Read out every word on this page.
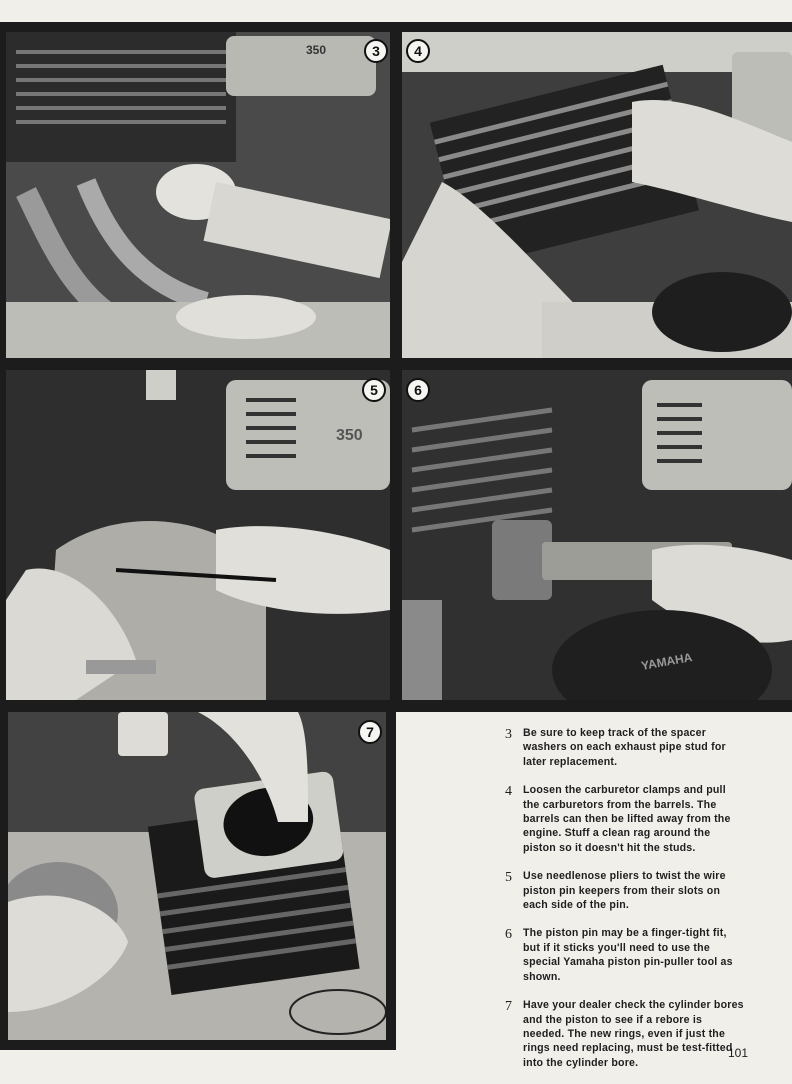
350	3	4
350
5
YAMAHA
6
7	3 Be sure to keep track of the spacer washers on each exhaust pipe stud for later replacement.
4 Loosen the carburetor clamps and pull the carburetors from the barrels. The barrels can then be lifted away from the engine. Stuff a clean rag around the piston so it doesn't hit the studs.
5 Use needlenose pliers to twist the wire piston pin keepers from their slots on each side of the pin.
6 The piston pin may be a finger-tight fit, but if it sticks you'll need to use the special Yamaha piston pin-puller tool as shown.
7 Have your dealer check the cylinder bores and the piston to see if a rebore is needed. The new rings, even if just the rings need replacing, must be test-fitted into the cylinder bore.
101
